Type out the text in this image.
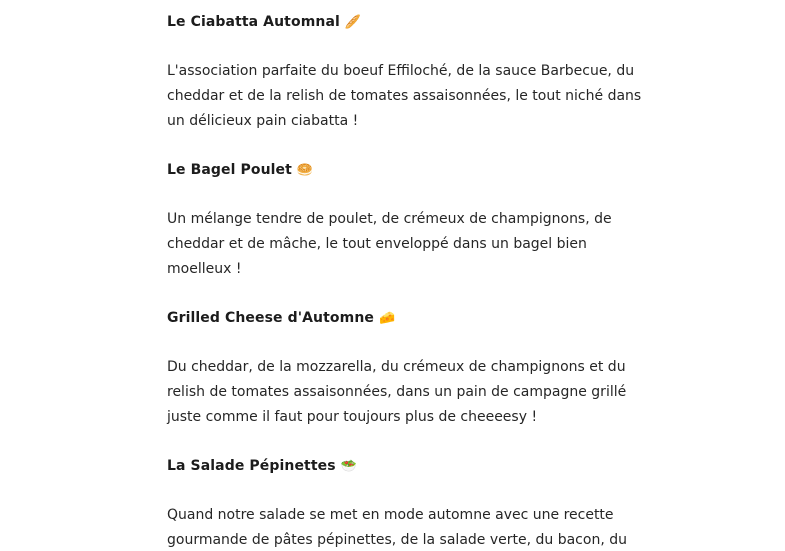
Le Ciabatta Automnal 🥖

L'association parfaite du boeuf Effiloché, de la sauce Barbecue, du
cheddar et de la relish de tomates assaisonnées, le tout niché dans
un délicieux pain ciabatta !

Le Bagel Poulet 🥯

Un mélange tendre de poulet, de crémeux de champignons, de
cheddar et de mâche, le tout enveloppé dans un bagel bien
moelleux !

Grilled Cheese d'Automne 🧀

Du cheddar, de la mozzarella, du crémeux de champignons et du
relish de tomates assaisonnées, dans un pain de campagne grillé
juste comme il faut pour toujours plus de cheeeesy !

La Salade Pépinettes 🥗

Quand notre salade se met en mode automne avec une recette
gourmande de pâtes pépinettes, de la salade verte, du bacon, du
